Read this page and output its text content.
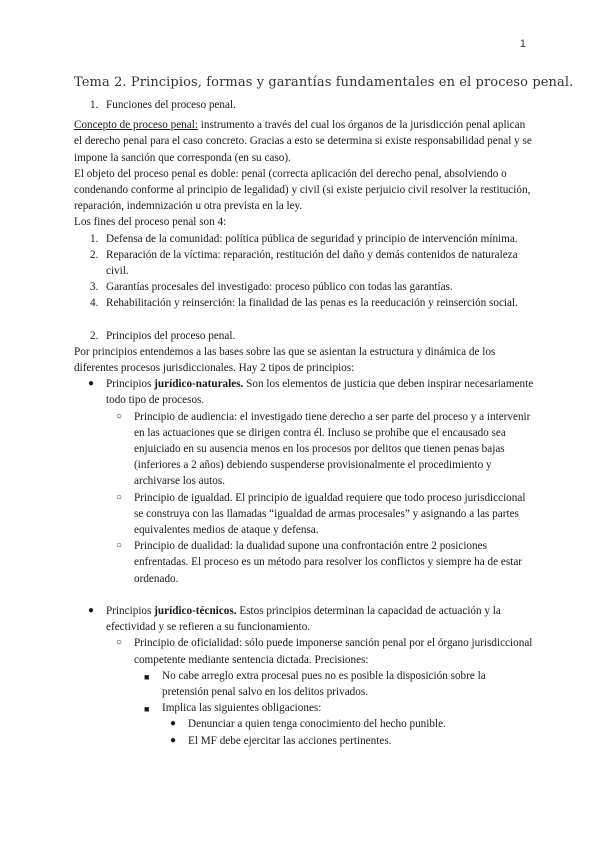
1
Tema 2. Principios, formas y garantías fundamentales en el proceso penal.
1. Funciones del proceso penal.

Concepto de proceso penal: instrumento a través del cual los órganos de la jurisdicción penal aplican el derecho penal para el caso concreto. Gracias a esto se determina si existe responsabilidad penal y se impone la sanción que corresponda (en su caso).

El objeto del proceso penal es doble: penal (correcta aplicación del derecho penal, absolviendo o condenando conforme al principio de legalidad) y civil (si existe perjuicio civil resolver la restitución, reparación, indemnización u otra prevista en la ley.

Los fines del proceso penal son 4:

1. Defensa de la comunidad: política pública de seguridad y principio de intervención mínima.
2. Reparación de la víctima: reparación, restitución del daño y demás contenidos de naturaleza civil.
3. Garantías procesales del investigado: proceso público con todas las garantías.
4. Rehabilitación y reinserción: la finalidad de las penas es la reeducación y reinserción social.
2. Principios del proceso penal.

Por principios entendemos a las bases sobre las que se asientan la estructura y dinámica de los diferentes procesos jurisdiccionales. Hay 2 tipos de principios:

● Principios jurídico-naturales. Son los elementos de justicia que deben inspirar necesariamente todo tipo de procesos.
○ Principio de audiencia: el investigado tiene derecho a ser parte del proceso y a intervenir en las actuaciones que se dirigen contra él. Incluso se prohíbe que el encausado sea enjuiciado en su ausencia menos en los procesos por delitos que tienen penas bajas (inferiores a 2 años) debiendo suspenderse provisionalmente el procedimiento y archivarse los autos.
○ Principio de igualdad. El principio de igualdad requiere que todo proceso jurisdiccional se construya con las llamadas “igualdad de armas procesales” y asignando a las partes equivalentes medios de ataque y defensa.
○ Principio de dualidad: la dualidad supone una confrontación entre 2 posiciones enfrentadas. El proceso es un método para resolver los conflictos y siempre ha de estar ordenado.
● Principios jurídico-técnicos. Estos principios determinan la capacidad de actuación y la efectividad y se refieren a su funcionamiento.
○ Principio de oficialidad: sólo puede imponerse sanción penal por el órgano jurisdiccional competente mediante sentencia dictada. Precisiones:
■ No cabe arreglo extra procesal pues no es posible la disposición sobre la pretensión penal salvo en los delitos privados.
■ Implica las siguientes obligaciones:
● Denunciar a quien tenga conocimiento del hecho punible.
● El MF debe ejercitar las acciones pertinentes.
